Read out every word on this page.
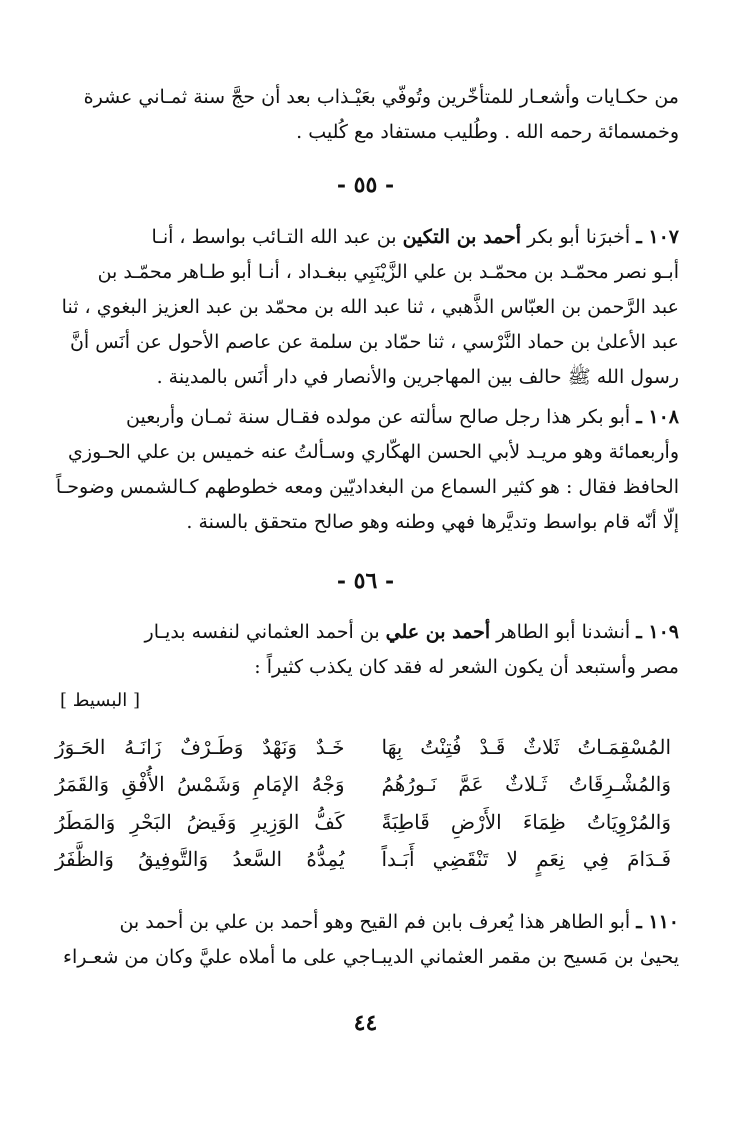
من حكـايات وأشعـار للمتأخّرين وتُوفّي بعَيْـذاب بعد أن حجَّ سنة ثمـاني عشرة
وخمسمائة رحمه الله . وطُليب مستفاد مع كُليب .
- ٥٥ -
١٠٧ ـ أخبرَنا أبو بكر أحمد بن التكين بن عبد الله التـائب بواسط ، أنـا
أبـو نصر محمّـد بن محمّـد بن علي الزَّيْنَبِي ببغـداد ، أنـا أبو طـاهر محمّـد بن
عبد الرَّحمن بن العبّاس الذَّهبي ، ثنا عبد الله بن محمّد بن عبد العزيز البغوي ، ثنا
عبد الأعلىٰ بن حماد النَّرْسي ، ثنا حمّاد بن سلمة عن عاصم الأحول عن أنَس أنَّ
رسول الله ﷺ حالف بين المهاجرين والأنصار في دار أنَس بالمدينة .
١٠٨ ـ أبو بكر هذا رجل صالح سألته عن مولده فقـال سنة ثمـان وأربعين
وأربعمائة وهو مريـد لأبي الحسن الهكّاري وسـألتُ عنه خميس بن علي الحـوزي
الحافظ فقال : هو كثير السماع من البغداديّين ومعه خطوطهم كـالشمس وضوحـاً
إلّا أنّه قام بواسط وتديَّرها فهي وطنه وهو صالح متحقق بالسنة .
- ٥٦ -
١٠٩ ـ أنشدنا أبو الطاهر أحمد بن علي بن أحمد العثماني لنفسه بديـار
مصر وأستبعد أن يكون الشعر له فقد كان يكذب كثيراً :
[ البسيط ]
المُسْقِمَـاتُ ثَلاثٌ قَـدْ فُتِنْتُ بِهَا
خَـدٌ وَنَهْدٌ وَطَـرْفٌ زَانَـهُ الحَـوَرُ
وَالمُشْـرِقَاتُ ثَـلاثٌ عَمَّ نَـورُهُمُ
وَجْهُ الإمَامِ وَشَمْسُ الأُفْقِ وَالقَمَرُ
وَالمُرْوِيَاتُ ظِمَاءَ الأَرْضِ قَاطِبَةً
كَفُّ الوَزِيرِ وَفَيضُ البَحْرِ وَالمَطَرُ
فَـدَامَ فِي نِعَمٍ لا تَنْقَضِي أَبَـداً
يُمِدُّهُ السَّعدُ وَالتَّوفِيقُ وَالظَّفَرُ
١١٠ ـ أبو الطاهر هذا يُعرف بابن فم القيح وهو أحمد بن علي بن أحمد بن
يحيىٰ بن مَسيح بن مقمر العثماني الديبـاجي على ما أملاه عليَّ وكان من شعـراء
٤٤
